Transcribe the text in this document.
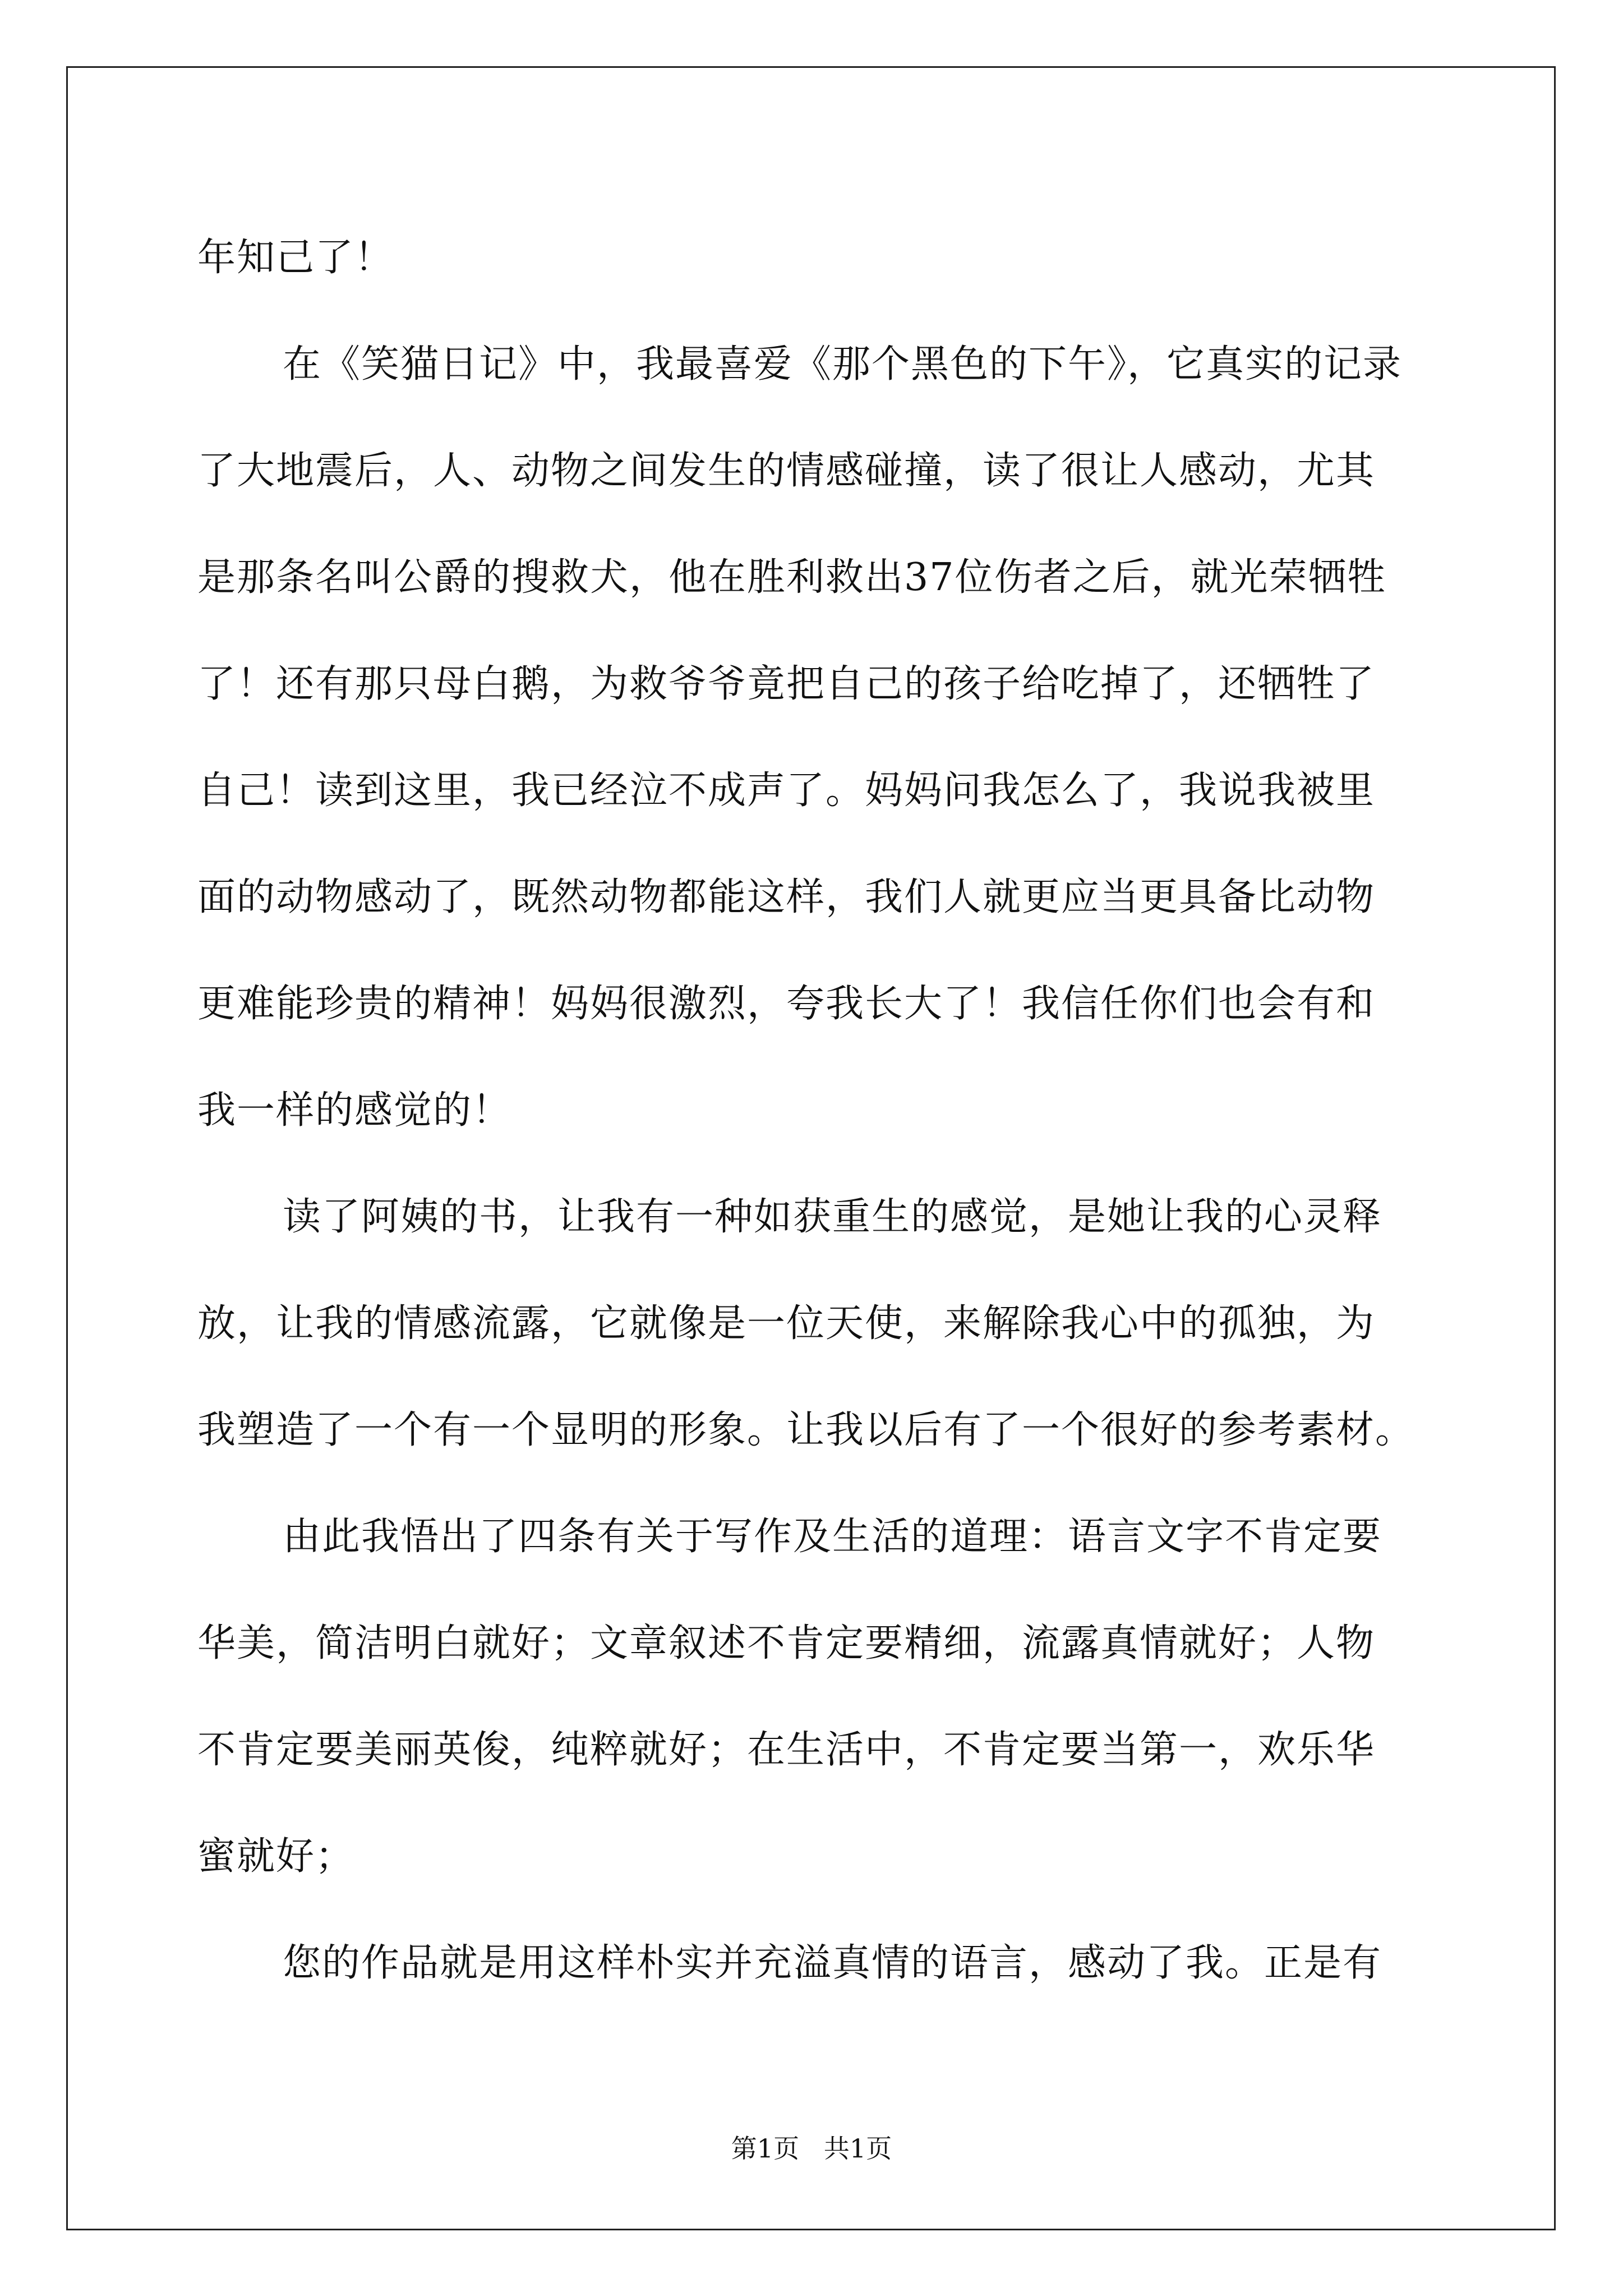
年知己了！
在《笑猫日记》中，我最喜爱《那个黑色的下午》，它真实的记录
了大地震后，人、动物之间发生的情感碰撞，读了很让人感动，尤其
是那条名叫公爵的搜救犬，他在胜利救出37位伤者之后，就光荣牺牲
了！还有那只母白鹅，为救爷爷竟把自己的孩子给吃掉了，还牺牲了
自己！读到这里，我已经泣不成声了。妈妈问我怎么了，我说我被里
面的动物感动了，既然动物都能这样，我们人就更应当更具备比动物
更难能珍贵的精神！妈妈很激烈，夸我长大了！我信任你们也会有和
我一样的感觉的！
读了阿姨的书，让我有一种如获重生的感觉，是她让我的心灵释
放，让我的情感流露，它就像是一位天使，来解除我心中的孤独，为
我塑造了一个有一个显明的形象。让我以后有了一个很好的参考素材。
由此我悟出了四条有关于写作及生活的道理：语言文字不肯定要
华美，简洁明白就好；文章叙述不肯定要精细，流露真情就好；人物
不肯定要美丽英俊，纯粹就好；在生活中，不肯定要当第一，欢乐华
蜜就好；
您的作品就是用这样朴实并充溢真情的语言，感动了我。正是有
第1页   共1页
